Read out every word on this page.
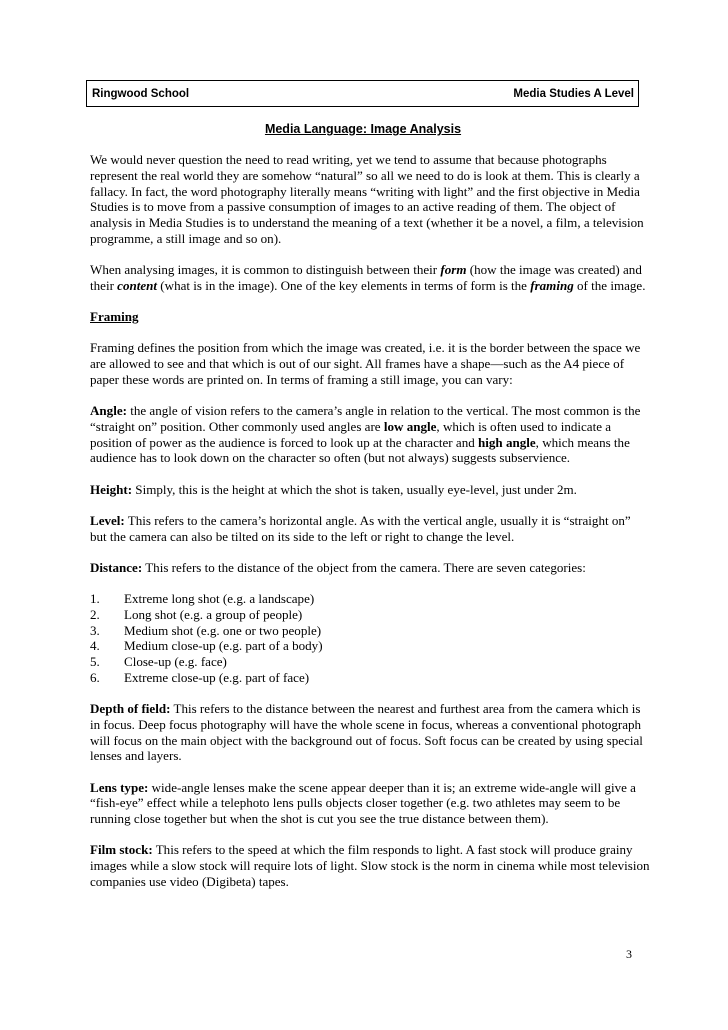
Ringwood School	Media Studies A Level
Media Language: Image Analysis

We would never question the need to read writing, yet we tend to assume that because photographs represent the real world they are somehow “natural” so all we need to do is look at them. This is clearly a fallacy. In fact, the word photography literally means “writing with light” and the first objective in Media Studies is to move from a passive consumption of images to an active reading of them. The object of analysis in Media Studies is to understand the meaning of a text (whether it be a novel, a film, a television programme, a still image and so on).

When analysing images, it is common to distinguish between their form (how the image was created) and their content (what is in the image). One of the key elements in terms of form is the framing of the image.

Framing

Framing defines the position from which the image was created, i.e. it is the border between the space we are allowed to see and that which is out of our sight. All frames have a shape—such as the A4 piece of paper these words are printed on. In terms of framing a still image, you can vary:

Angle: the angle of vision refers to the camera’s angle in relation to the vertical. The most common is the “straight on” position. Other commonly used angles are low angle, which is often used to indicate a position of power as the audience is forced to look up at the character and high angle, which means the audience has to look down on the character so often (but not always) suggests subservience.

Height: Simply, this is the height at which the shot is taken, usually eye-level, just under 2m.

Level: This refers to the camera’s horizontal angle. As with the vertical angle, usually it is “straight on” but the camera can also be tilted on its side to the left or right to change the level.

Distance: This refers to the distance of the object from the camera. There are seven categories:

1. Extreme long shot (e.g. a landscape)
2. Long shot (e.g. a group of people)
3. Medium shot (e.g. one or two people)
4. Medium close-up (e.g. part of a body)
5. Close-up (e.g. face)
6. Extreme close-up (e.g. part of face)

Depth of field: This refers to the distance between the nearest and furthest area from the camera which is in focus. Deep focus photography will have the whole scene in focus, whereas a conventional photograph will focus on the main object with the background out of focus. Soft focus can be created by using special lenses and layers.

Lens type: wide-angle lenses make the scene appear deeper than it is; an extreme wide-angle will give a “fish-eye” effect while a telephoto lens pulls objects closer together (e.g. two athletes may seem to be running close together but when the shot is cut you see the true distance between them).

Film stock: This refers to the speed at which the film responds to light. A fast stock will produce grainy images while a slow stock will require lots of light. Slow stock is the norm in cinema while most television companies use video (Digibeta) tapes.

3
